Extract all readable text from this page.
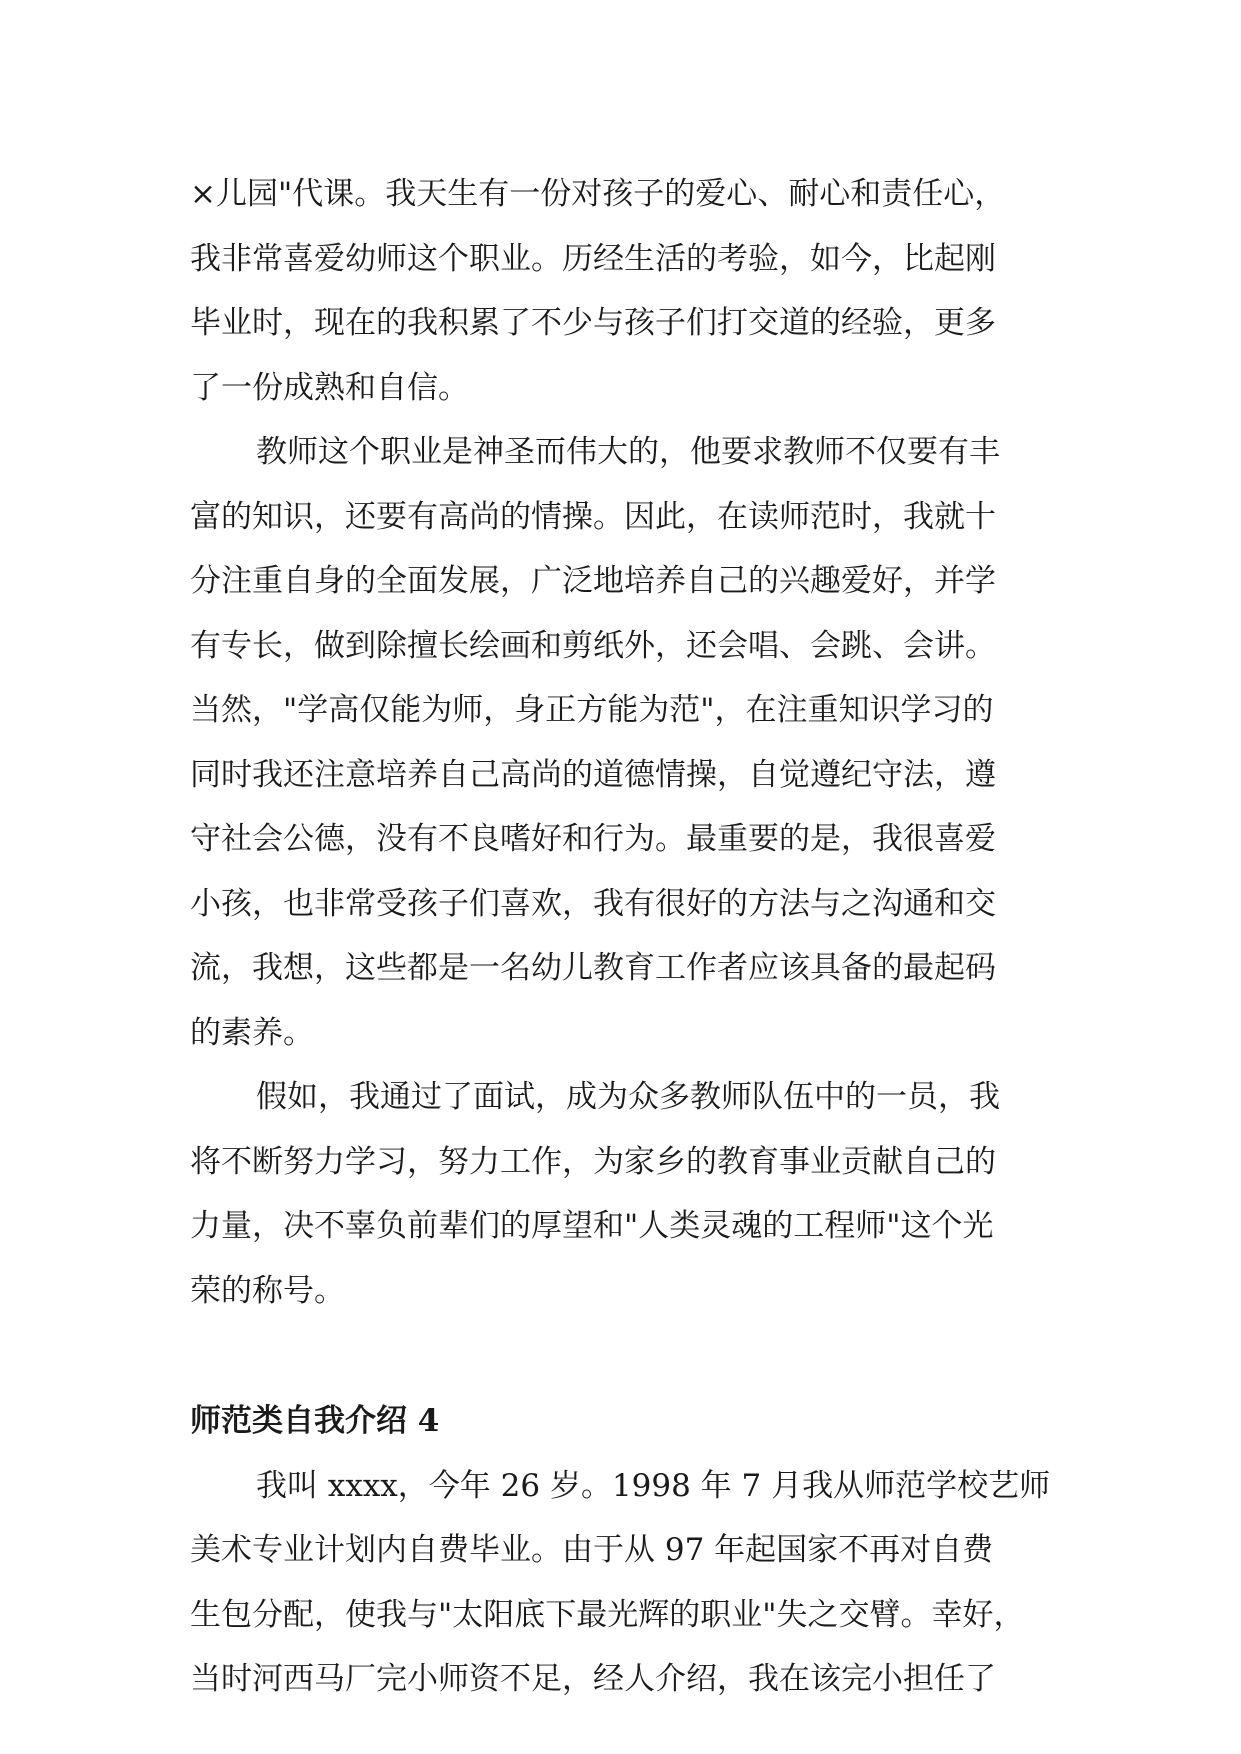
×儿园"代课。我天生有一份对孩子的爱心、耐心和责任心，
我非常喜爱幼师这个职业。历经生活的考验，如今，比起刚
毕业时，现在的我积累了不少与孩子们打交道的经验，更多
了一份成熟和自信。
教师这个职业是神圣而伟大的，他要求教师不仅要有丰
富的知识，还要有高尚的情操。因此，在读师范时，我就十
分注重自身的全面发展，广泛地培养自己的兴趣爱好，并学
有专长，做到除擅长绘画和剪纸外，还会唱、会跳、会讲。
当然，"学高仅能为师，身正方能为范"，在注重知识学习的
同时我还注意培养自己高尚的道德情操，自觉遵纪守法，遵
守社会公德，没有不良嗜好和行为。最重要的是，我很喜爱
小孩，也非常受孩子们喜欢，我有很好的方法与之沟通和交
流，我想，这些都是一名幼儿教育工作者应该具备的最起码
的素养。
假如，我通过了面试，成为众多教师队伍中的一员，我
将不断努力学习，努力工作，为家乡的教育事业贡献自己的
力量，决不辜负前辈们的厚望和"人类灵魂的工程师"这个光
荣的称号。
师范类自我介绍 4
我叫 xxxx，今年 26 岁。1998 年 7 月我从师范学校艺师
美术专业计划内自费毕业。由于从 97 年起国家不再对自费
生包分配，使我与"太阳底下最光辉的职业"失之交臂。幸好，
当时河西马厂完小师资不足，经人介绍，我在该完小担任了
